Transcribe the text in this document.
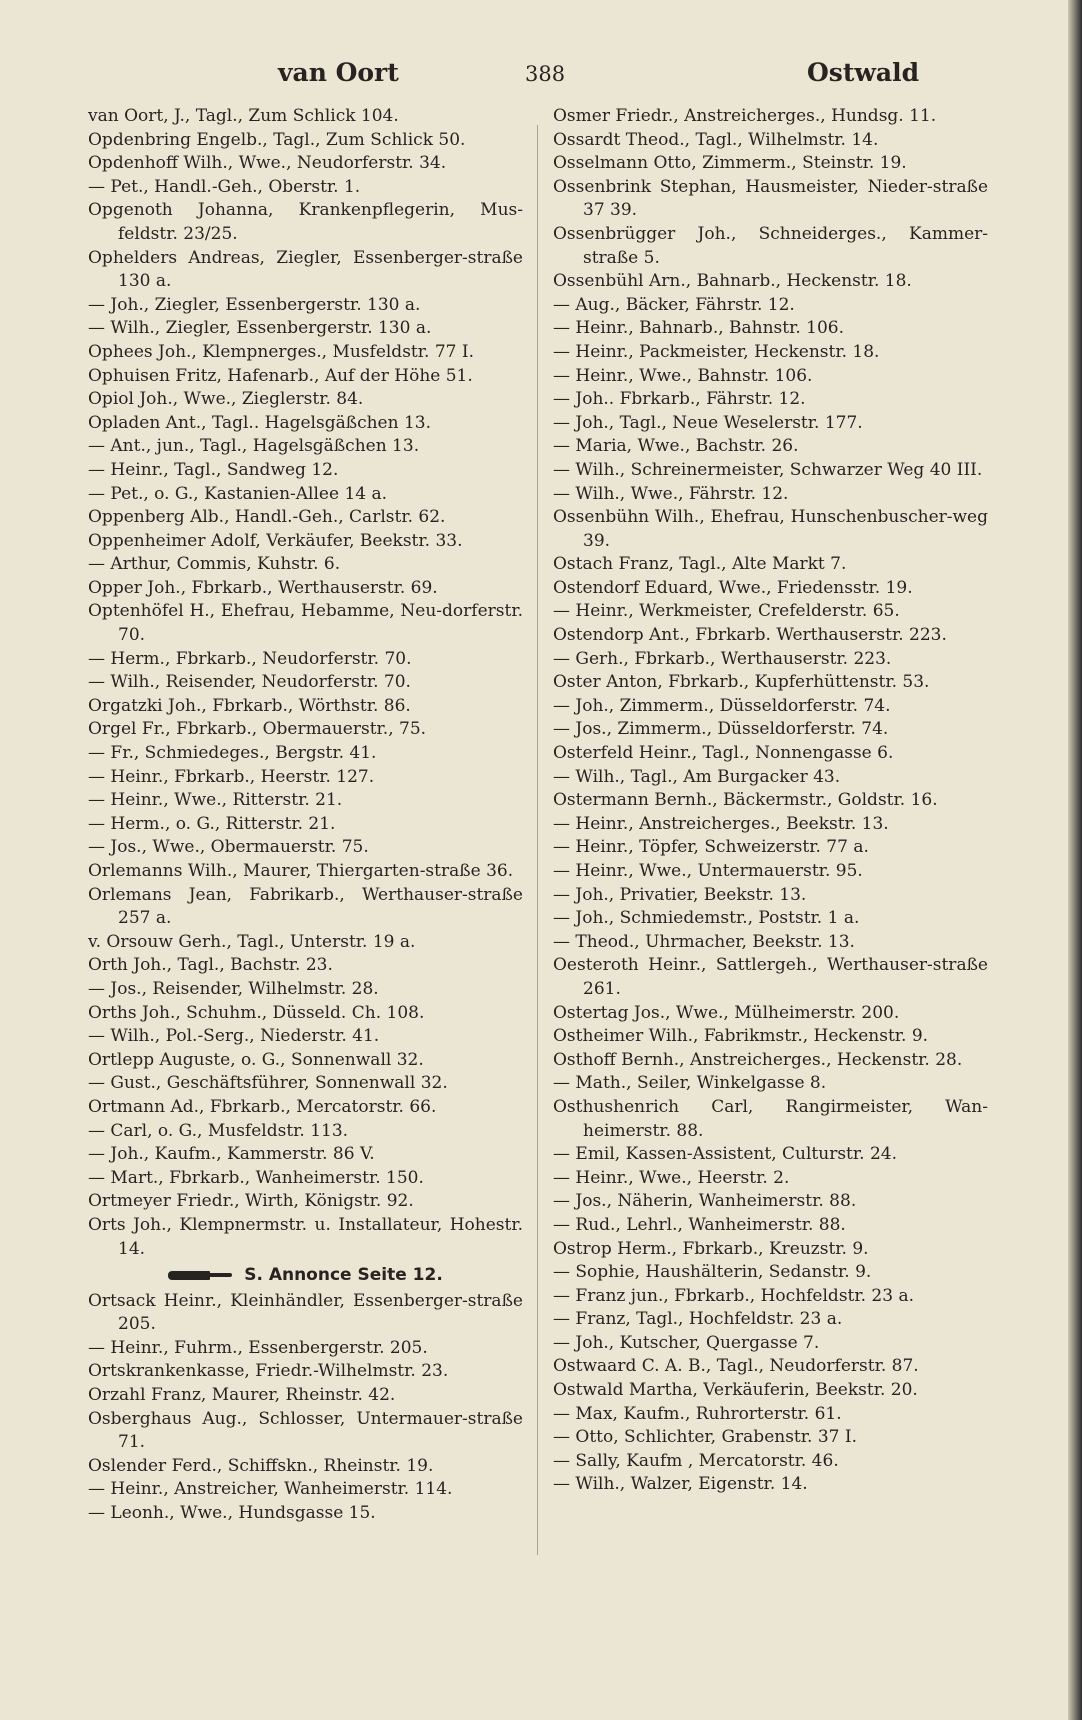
van Oort	388	Ostwald
van Oort, J., Tagl., Zum Schlick 104.
Opdenbring Engelb., Tagl., Zum Schlick 50.
Opdenhoff Wilh., Wwe., Neudorferstr. 34.
— Pet., Handl.-Geh., Oberstr. 1.
Opgenoth Johanna, Krankenpflegerin, Mus-feldstr. 23/25.
Ophelders Andreas, Ziegler, Essenberger-straße 130 a.
— Joh., Ziegler, Essenbergerstr. 130 a.
— Wilh., Ziegler, Essenbergerstr. 130 a.
Ophees Joh., Klempnerges., Musfeldstr. 77 I.
Ophuisen Fritz, Hafenarb., Auf der Höhe 51.
Opiol Joh., Wwe., Zieglerstr. 84.
Opladen Ant., Tagl.. Hagelsgäßchen 13.
— Ant., jun., Tagl., Hagelsgäßchen 13.
— Heinr., Tagl., Sandweg 12.
— Pet., o. G., Kastanien-Allee 14 a.
Oppenberg Alb., Handl.-Geh., Carlstr. 62.
Oppenheimer Adolf, Verkäufer, Beekstr. 33.
— Arthur, Commis, Kuhstr. 6.
Opper Joh., Fbrkarb., Werthauserstr. 69.
Optenhöfel H., Ehefrau, Hebamme, Neu-dorferstr. 70.
— Herm., Fbrkarb., Neudorferstr. 70.
— Wilh., Reisender, Neudorferstr. 70.
Orgatzki Joh., Fbrkarb., Wörthstr. 86.
Orgel Fr., Fbrkarb., Obermauerstr., 75.
— Fr., Schmiedeges., Bergstr. 41.
— Heinr., Fbrkarb., Heerstr. 127.
— Heinr., Wwe., Ritterstr. 21.
— Herm., o. G., Ritterstr. 21.
— Jos., Wwe., Obermauerstr. 75.
Orlemanns Wilh., Maurer, Thiergarten-straße 36.
Orlemans Jean, Fabrikarb., Werthauser-straße 257 a.
v. Orsouw Gerh., Tagl., Unterstr. 19 a.
Orth Joh., Tagl., Bachstr. 23.
— Jos., Reisender, Wilhelmstr. 28.
Orths Joh., Schuhm., Düsseld. Ch. 108.
— Wilh., Pol.-Serg., Niederstr. 41.
Ortlepp Auguste, o. G., Sonnenwall 32.
— Gust., Geschäftsführer, Sonnenwall 32.
Ortmann Ad., Fbrkarb., Mercatorstr. 66.
— Carl, o. G., Musfeldstr. 113.
— Joh., Kaufm., Kammerstr. 86 V.
— Mart., Fbrkarb., Wanheimerstr. 150.
Ortmeyer Friedr., Wirth, Königstr. 92.
Orts Joh., Klempnermstr. u. Installateur, Hohestr. 14.
S. Annonce Seite 12.
Ortsack Heinr., Kleinhändler, Essenberger-straße 205.
— Heinr., Fuhrm., Essenbergerstr. 205.
Ortskrankenkasse, Friedr.-Wilhelmstr. 23.
Orzahl Franz, Maurer, Rheinstr. 42.
Osberghaus Aug., Schlosser, Untermauer-straße 71.
Oslender Ferd., Schiffskn., Rheinstr. 19.
— Heinr., Anstreicher, Wanheimerstr. 114.
— Leonh., Wwe., Hundsgasse 15.
Osmer Friedr., Anstreicherges., Hundsg. 11.
Ossardt Theod., Tagl., Wilhelmstr. 14.
Osselmann Otto, Zimmerm., Steinstr. 19.
Ossenbrink Stephan, Hausmeister, Nieder-straße 37 39.
Ossenbrügger Joh., Schneiderges., Kammer-straße 5.
Ossenbühl Arn., Bahnarb., Heckenstr. 18.
— Aug., Bäcker, Fährstr. 12.
— Heinr., Bahnarb., Bahnstr. 106.
— Heinr., Packmeister, Heckenstr. 18.
— Heinr., Wwe., Bahnstr. 106.
— Joh.. Fbrkarb., Fährstr. 12.
— Joh., Tagl., Neue Weselerstr. 177.
— Maria, Wwe., Bachstr. 26.
— Wilh., Schreinermeister, Schwarzer Weg 40 III.
— Wilh., Wwe., Fährstr. 12.
Ossenbühn Wilh., Ehefrau, Hunschenbuscher-weg 39.
Ostach Franz, Tagl., Alte Markt 7.
Ostendorf Eduard, Wwe., Friedensstr. 19.
— Heinr., Werkmeister, Crefelderstr. 65.
Ostendorp Ant., Fbrkarb. Werthauserstr. 223.
— Gerh., Fbrkarb., Werthauserstr. 223.
Oster Anton, Fbrkarb., Kupferhüttenstr. 53.
— Joh., Zimmerm., Düsseldorferstr. 74.
— Jos., Zimmerm., Düsseldorferstr. 74.
Osterfeld Heinr., Tagl., Nonnengasse 6.
— Wilh., Tagl., Am Burgacker 43.
Ostermann Bernh., Bäckermstr., Goldstr. 16.
— Heinr., Anstreicherges., Beekstr. 13.
— Heinr., Töpfer, Schweizerstr. 77 a.
— Heinr., Wwe., Untermauerstr. 95.
— Joh., Privatier, Beekstr. 13.
— Joh., Schmiedemstr., Poststr. 1 a.
— Theod., Uhrmacher, Beekstr. 13.
Oesteroth Heinr., Sattlergeh., Werthauser-straße 261.
Ostertag Jos., Wwe., Mülheimerstr. 200.
Ostheimer Wilh., Fabrikmstr., Heckenstr. 9.
Osthoff Bernh., Anstreicherges., Heckenstr. 28.
— Math., Seiler, Winkelgasse 8.
Osthushenrich Carl, Rangirmeister, Wan-heimerstr. 88.
— Emil, Kassen-Assistent, Culturstr. 24.
— Heinr., Wwe., Heerstr. 2.
— Jos., Näherin, Wanheimerstr. 88.
— Rud., Lehrl., Wanheimerstr. 88.
Ostrop Herm., Fbrkarb., Kreuzstr. 9.
— Sophie, Haushälterin, Sedanstr. 9.
— Franz jun., Fbrkarb., Hochfeldstr. 23 a.
— Franz, Tagl., Hochfeldstr. 23 a.
— Joh., Kutscher, Quergasse 7.
Ostwaard C. A. B., Tagl., Neudorferstr. 87.
Ostwald Martha, Verkäuferin, Beekstr. 20.
— Max, Kaufm., Ruhrorterstr. 61.
— Otto, Schlichter, Grabenstr. 37 I.
— Sally, Kaufm , Mercatorstr. 46.
— Wilh., Walzer, Eigenstr. 14.
